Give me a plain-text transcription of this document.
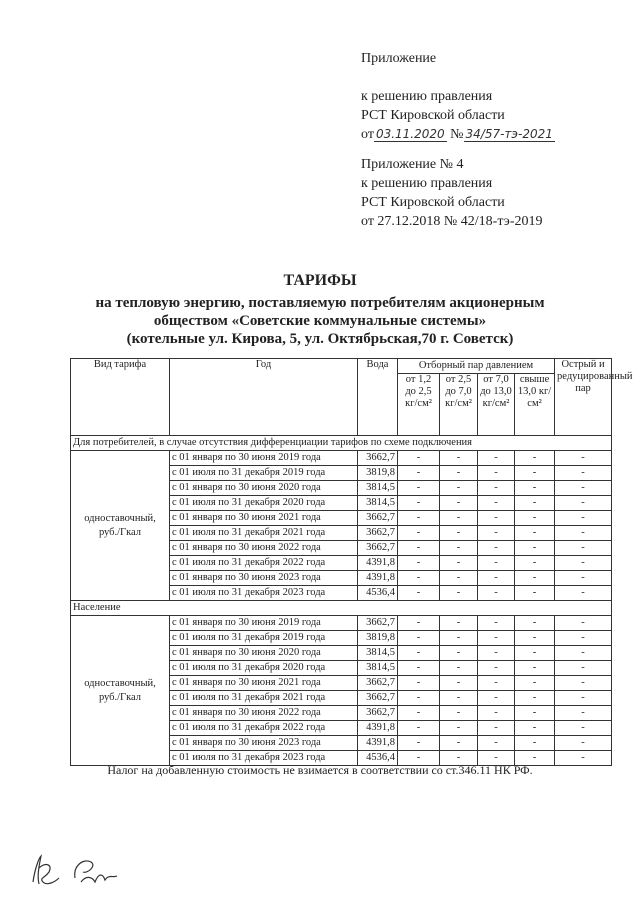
Приложение
к решению правления
РСТ Кировской области
от 03.11.2020 № 34/57-тэ-2021
Приложение № 4
к решению правления
РСТ Кировской области
от 27.12.2018 № 42/18-тэ-2019
ТАРИФЫ
на тепловую энергию, поставляемую потребителям акционерным
обществом «Советские коммунальные системы»
(котельные ул. Кирова, 5, ул. Октябрьская,70 г. Советск)
Вид тарифа	Год	Вода	Отборный пар давлением				Острый и редуцированный пар
			от 1,2 до 2,5 кг/см²	от 2,5 до 7,0 кг/см²	от 7,0 до 13,0 кг/см²	свыше 13,0 кг/см²	
Для потребителей, в случае отсутствия дифференциации тарифов по схеме подключения							
одноставочный, руб./Гкал	с 01 января по 30 июня 2019 года	3662,7	-	-	-	-	-
	с 01 июля по 31 декабря 2019 года	3819,8	-	-	-	-	-
	с 01 января по 30 июня 2020 года	3814,5	-	-	-	-	-
	с 01 июля по 31 декабря 2020 года	3814,5	-	-	-	-	-
	с 01 января по 30 июня 2021 года	3662,7	-	-	-	-	-
	с 01 июля по 31 декабря 2021 года	3662,7	-	-	-	-	-
	с 01 января по 30 июня 2022 года	3662,7	-	-	-	-	-
	с 01 июля по 31 декабря 2022 года	4391,8	-	-	-	-	-
	с 01 января по 30 июня 2023 года	4391,8	-	-	-	-	-
	с 01 июля по 31 декабря 2023 года	4536,4	-	-	-	-	-
Население							
одноставочный, руб./Гкал	с 01 января по 30 июня 2019 года	3662,7	-	-	-	-	-
	с 01 июля по 31 декабря 2019 года	3819,8	-	-	-	-	-
	с 01 января по 30 июня 2020 года	3814,5	-	-	-	-	-
	с 01 июля по 31 декабря 2020 года	3814,5	-	-	-	-	-
	с 01 января по 30 июня 2021 года	3662,7	-	-	-	-	-
	с 01 июля по 31 декабря 2021 года	3662,7	-	-	-	-	-
	с 01 января по 30 июня 2022 года	3662,7	-	-	-	-	-
	с 01 июля по 31 декабря 2022 года	4391,8	-	-	-	-	-
	с 01 января по 30 июня 2023 года	4391,8	-	-	-	-	-
	с 01 июля по 31 декабря 2023 года	4536,4	-	-	-	-	-
Налог на добавленную стоимость не взимается в соответствии со ст.346.11 НК РФ.
